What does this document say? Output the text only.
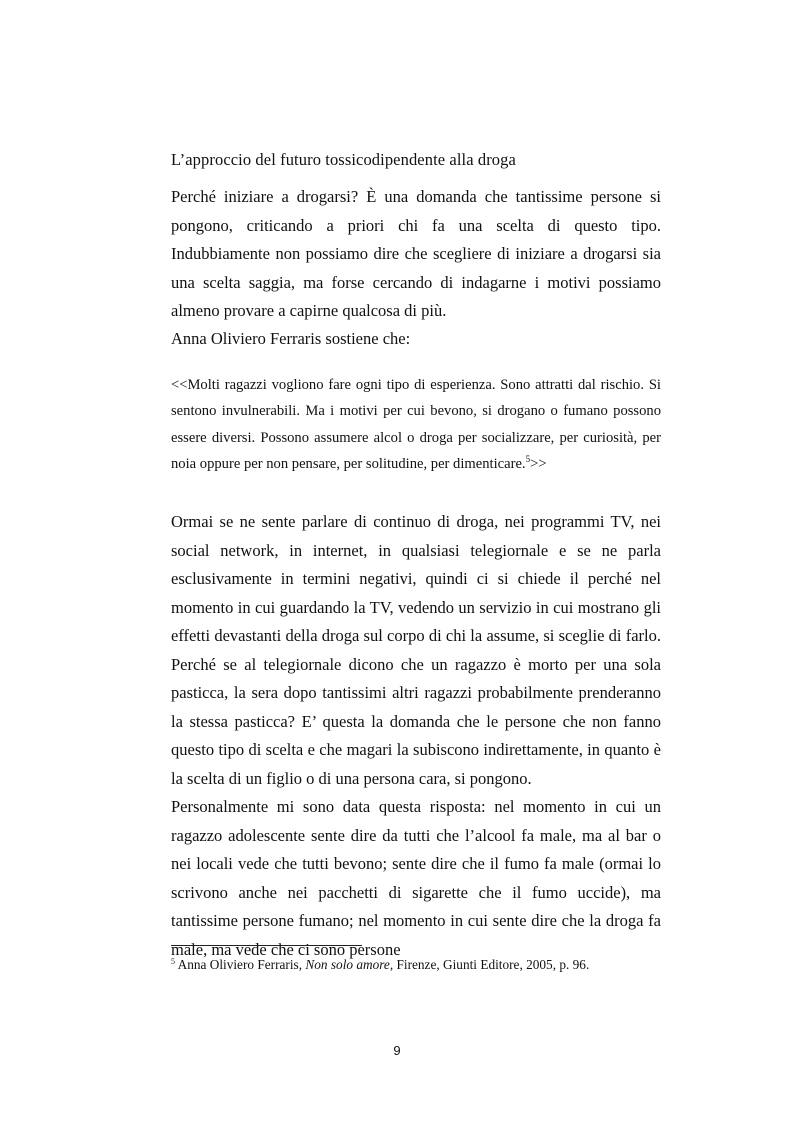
L’approccio del futuro tossicodipendente alla droga

Perché iniziare a drogarsi? È una domanda che tantissime persone si pongono, criticando a priori chi fa una scelta di questo tipo. Indubbiamente non possiamo dire che scegliere di iniziare a drogarsi sia una scelta saggia, ma forse cercando di indagarne i motivi possiamo almeno provare a capirne qualcosa di più.

Anna Oliviero Ferraris sostiene che:

<<Molti ragazzi vogliono fare ogni tipo di esperienza. Sono attratti dal rischio. Si sentono invulnerabili. Ma i motivi per cui bevono, si drogano o fumano possono essere diversi. Possono assumere alcol o droga per socializzare, per curiosità, per noia oppure per non pensare, per solitudine, per dimenticare.$^5$>>

Ormai se ne sente parlare di continuo di droga, nei programmi TV, nei social network, in internet, in qualsiasi telegiornale e se ne parla esclusivamente in termini negativi, quindi ci si chiede il perché nel momento in cui guardando la TV, vedendo un servizio in cui mostrano gli effetti devastanti della droga sul corpo di chi la assume, si sceglie di farlo. Perché se al telegiornale dicono che un ragazzo è morto per una sola pasticca, la sera dopo tantissimi altri ragazzi probabilmente prenderanno la stessa pasticca? E’ questa la domanda che le persone che non fanno questo tipo di scelta e che magari la subiscono indirettamente, in quanto è la scelta di un figlio o di una persona cara, si pongono.

Personalmente mi sono data questa risposta: nel momento in cui un ragazzo adolescente sente dire da tutti che l’alcool fa male, ma al bar o nei locali vede che tutti bevono; sente dire che il fumo fa male (ormai lo scrivono anche nei pacchetti di sigarette che il fumo uccide), ma tantissime persone fumano; nel momento in cui sente dire che la droga fa male, ma vede che ci sono persone

$^5$ Anna Oliviero Ferraris, Non solo amore, Firenze, Giunti Editore, 2005, p. 96.
9
